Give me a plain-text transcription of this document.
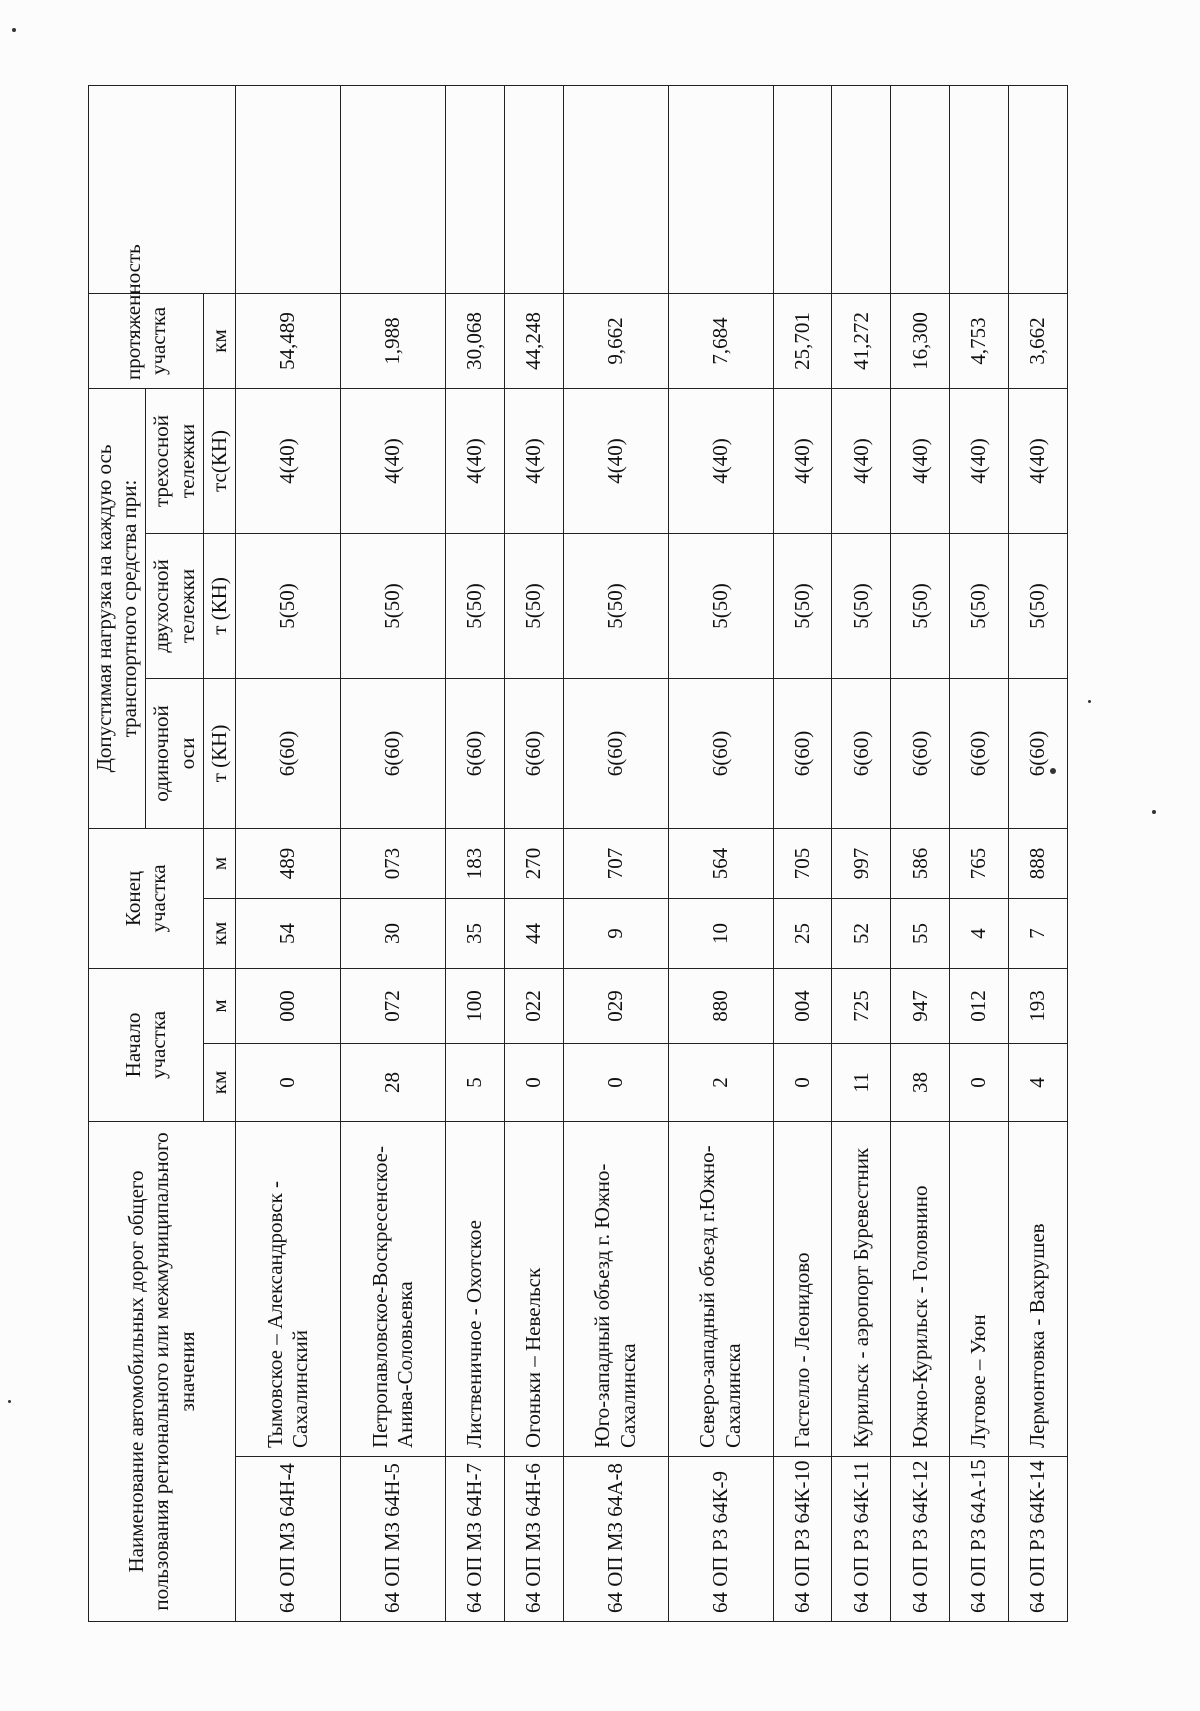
Наименование автомобильных дорог общего пользования регионального или межмуниципального значения		Начало участка		Конец участка		Допустимая нагрузка на каждую ось транспортного средства при:			протяженность участка	
						одиночной оси	двухосной тележки	трехосной тележки		
		км	м	км	м	т (КН)	т (КН)	тс(КН)	км	
64 ОП МЗ 64Н-4	Тымовское – Александровск - Сахалинский	0	000	54	489	6(60)	5(50)	4(40)	54,489	
64 ОП МЗ 64Н-5	Петропавловское-Воскресенское-Анива-Соловьевка	28	072	30	073	6(60)	5(50)	4(40)	1,988	
64 ОП МЗ 64Н-7	Лиственичное - Охотское	5	100	35	183	6(60)	5(50)	4(40)	30,068	
64 ОП МЗ 64Н-6	Огоньки – Невельск	0	022	44	270	6(60)	5(50)	4(40)	44,248	
64 ОП МЗ 64А-8	Юго-западный объезд г. Южно-Сахалинска	0	029	9	707	6(60)	5(50)	4(40)	9,662	
64 ОП РЗ 64К-9	Северо-западный объезд г.Южно-Сахалинска	2	880	10	564	6(60)	5(50)	4(40)	7,684	
64 ОП РЗ 64К-10	Гастелло - Леонидово	0	004	25	705	6(60)	5(50)	4(40)	25,701	
64 ОП РЗ 64К-11	Курильск - аэропорт Буревестник	11	725	52	997	6(60)	5(50)	4(40)	41,272	
64 ОП РЗ 64К-12	Южно-Курильск - Головнино	38	947	55	586	6(60)	5(50)	4(40)	16,300	
64 ОП РЗ 64А-15	Луговое – Уюн	0	012	4	765	6(60)	5(50)	4(40)	4,753	
64 ОП РЗ 64К-14	Лермонтовка - Вахрушев	4	193	7	888	6(60)	5(50)	4(40)	3,662	
